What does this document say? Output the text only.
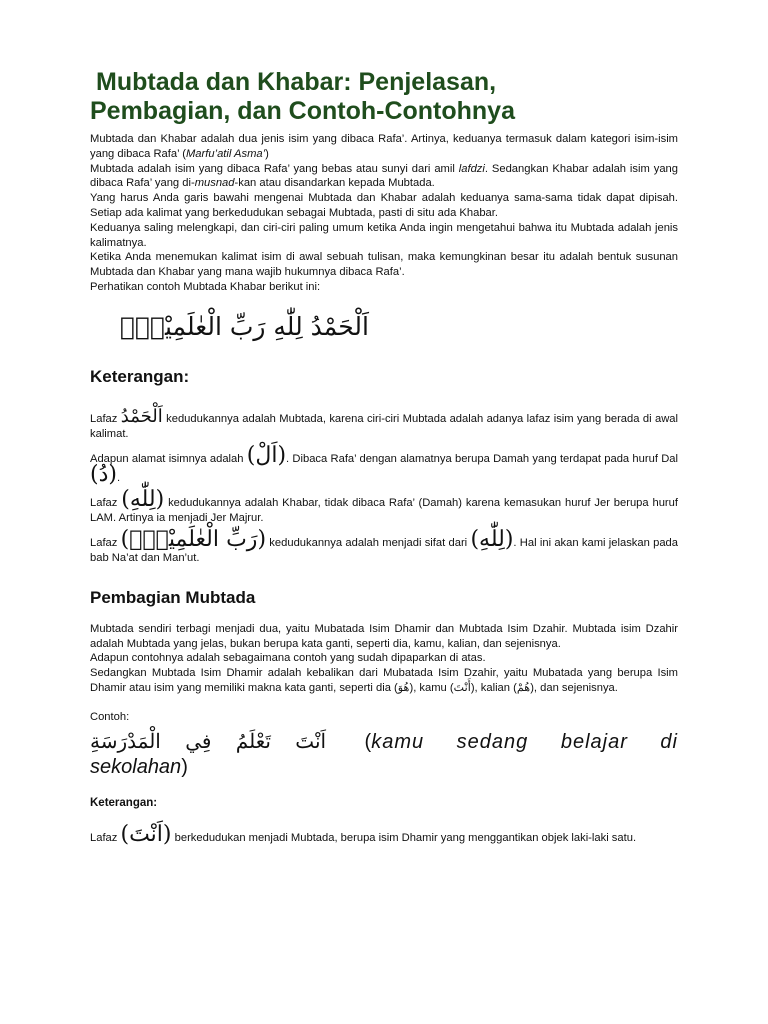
Mubtada dan Khabar: Penjelasan,
Pembagian, dan Contoh-Contohnya

Mubtada dan Khabar adalah dua jenis isim yang dibaca Rafa’. Artinya, keduanya termasuk dalam kategori isim-isim yang dibaca Rafa’ (Marfu’atil Asma’)

Mubtada adalah isim yang dibaca Rafa’ yang bebas atau sunyi dari amil lafdzi. Sedangkan Khabar adalah isim yang dibaca Rafa’ yang di-musnad-kan atau disandarkan kepada Mubtada.

Yang harus Anda garis bawahi mengenai Mubtada dan Khabar adalah keduanya sama-sama tidak dapat dipisah. Setiap ada kalimat yang berkedudukan sebagai Mubtada, pasti di situ ada Khabar.

Keduanya saling melengkapi, dan ciri-ciri paling umum ketika Anda ingin mengetahui bahwa itu Mubtada adalah jenis kalimatnya.

Ketika Anda menemukan kalimat isim di awal sebuah tulisan, maka kemungkinan besar itu adalah bentuk susunan Mubtada dan Khabar yang mana wajib hukumnya dibaca Rafa’.

Perhatikan contoh Mubtada Khabar berikut ini:

اَلْحَمْدُ لِلّٰهِ رَبِّ الْعٰلَمِيْنَۙ
Keterangan:

Lafaz اَلْحَمْدُ kedudukannya adalah Mubtada, karena ciri-ciri Mubtada adalah adanya lafaz isim yang berada di awal kalimat.

Adapun alamat isimnya adalah (اَلْ). Dibaca Rafa’ dengan alamatnya berupa Damah yang terdapat pada huruf Dal (دُ).

Lafaz (لِلّٰهِ) kedudukannya adalah Khabar, tidak dibaca Rafa’ (Damah) karena kemasukan huruf Jer berupa huruf LAM. Artinya ia menjadi Jer Majrur.

Lafaz (رَبِّ الْعٰلَمِيْنَۙ) kedudukannya adalah menjadi sifat dari (لِلّٰهِ). Hal ini akan kami jelaskan pada bab Na’at dan Man’ut.

Pembagian Mubtada

Mubtada sendiri terbagi menjadi dua, yaitu Mubatada Isim Dhamir dan Mubtada Isim Dzahir. Mubtada isim Dzahir adalah Mubtada yang jelas, bukan berupa kata ganti, seperti dia, kamu, kalian, dan sejenisnya.

Adapun contohnya adalah sebagaimana contoh yang sudah dipaparkan di atas.

Sedangkan Mubtada Isim Dhamir adalah kebalikan dari Mubatada Isim Dzahir, yaitu Mubatada yang berupa Isim Dhamir atau isim yang memiliki makna kata ganti, seperti dia (هُوَ), kamu (أَنْتَ), kalian (هُمْ), dan sejenisnya.

Contoh:

اَنْتَ تَعْلَمُ فِي الْمَدْرَسَةِ (kamu sedang belajar di
sekolahan)
Keterangan:

Lafaz (اَنْتَ) berkedudukan menjadi Mubtada, berupa isim Dhamir yang menggantikan objek laki-laki satu.
